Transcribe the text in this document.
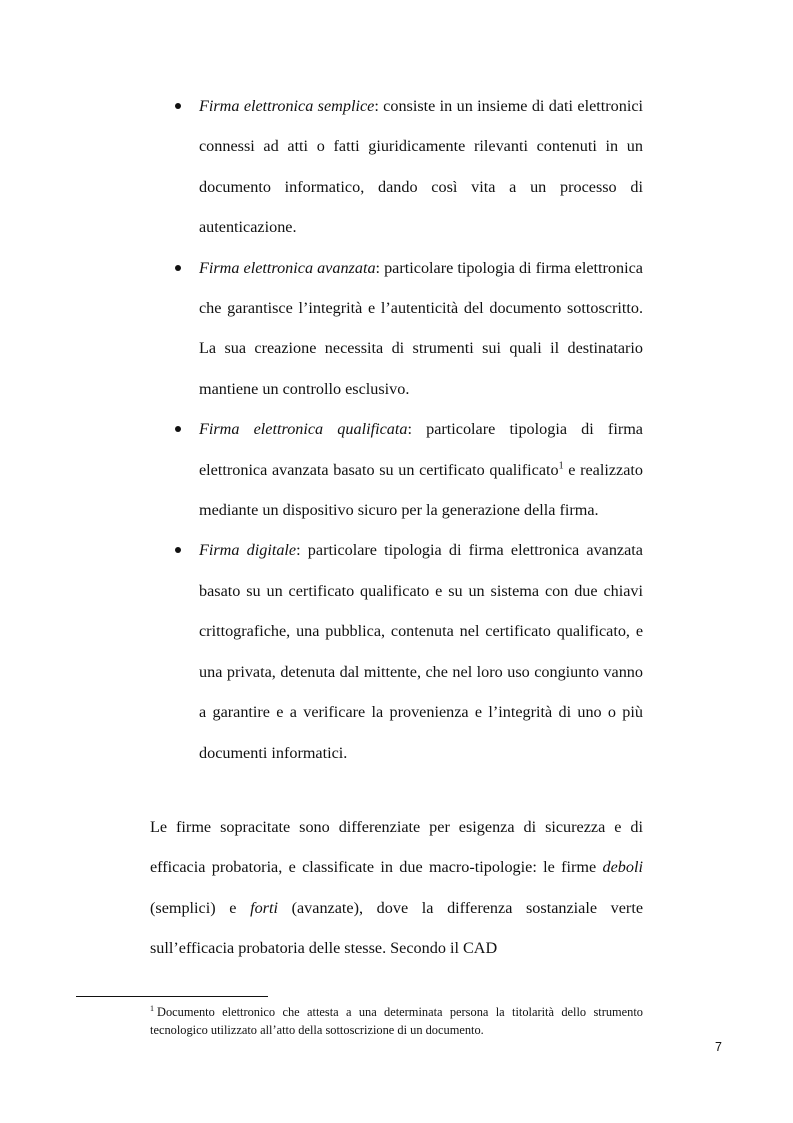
Firma elettronica semplice: consiste in un insieme di dati elettronici connessi ad atti o fatti giuridicamente rilevanti contenuti in un documento informatico, dando così vita a un processo di autenticazione.
Firma elettronica avanzata: particolare tipologia di firma elettronica che garantisce l’integrità e l’autenticità del documento sottoscritto. La sua creazione necessita di strumenti sui quali il destinatario mantiene un controllo esclusivo.
Firma elettronica qualificata: particolare tipologia di firma elettronica avanzata basato su un certificato qualificato$^1$ e realizzato mediante un dispositivo sicuro per la generazione della firma.
Firma digitale: particolare tipologia di firma elettronica avanzata basato su un certificato qualificato e su un sistema con due chiavi crittografiche, una pubblica, contenuta nel certificato qualificato, e una privata, detenuta dal mittente, che nel loro uso congiunto vanno a garantire e a verificare la provenienza e l’integrità di uno o più documenti informatici.

Le firme sopracitate sono differenziate per esigenza di sicurezza e di efficacia probatoria, e classificate in due macro-tipologie: le firme deboli (semplici) e forti (avanzate), dove la differenza sostanziale verte sull’efficacia probatoria delle stesse. Secondo il CAD

$^1$ Documento elettronico che attesta a una determinata persona la titolarità dello strumento tecnologico utilizzato all’atto della sottoscrizione di un documento.

7
